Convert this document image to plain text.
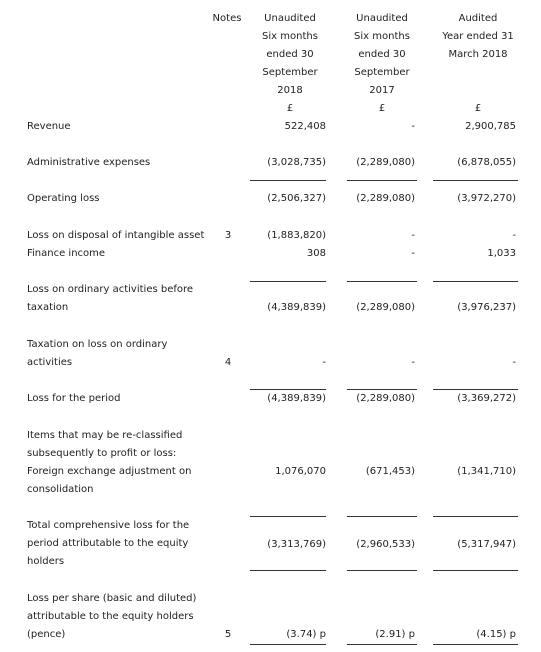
Notes	Unaudited
Six months
ended 30
September
2018
£
Unaudited
Six months
ended 30
September
2017
£
Audited
Year ended 31
March 2018
£
Revenue	522,408	-	2,900,785
Administrative expenses	(3,028,735)	(2,289,080)	(6,878,055)
Operating loss	(2,506,327)	(2,289,080)	(3,972,270)
Loss on disposal of intangible asset	3	(1,883,820)	-	-
Finance income	308	-	1,033
Loss on ordinary activities before
taxation	(4,389,839)	(2,289,080)	(3,976,237)
Taxation on loss on ordinary
activities	4	-	-	-
Loss for the period	(4,389,839)	(2,289,080)	(3,369,272)
Items that may be re-classified
subsequently to profit or loss:
Foreign exchange adjustment on
consolidation
1,076,070	(671,453)	(1,341,710)
Total comprehensive loss for the
period attributable to the equity
holders
(3,313,769)	(2,960,533)	(5,317,947)
Loss per share (basic and diluted)
attributable to the equity holders
(pence)	5	(3.74) p	(2.91) p	(4.15) p
